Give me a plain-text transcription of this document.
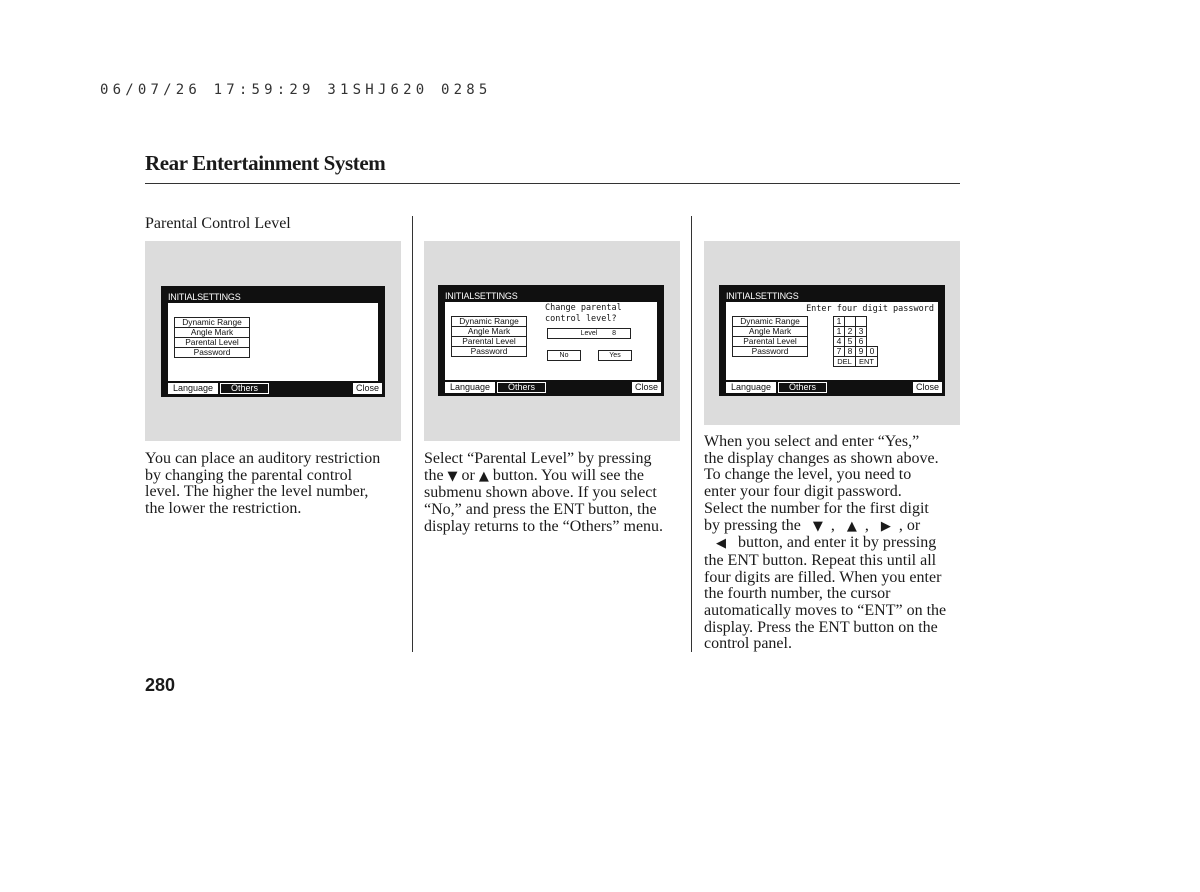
06/07/26 17:59:29 31SHJ620 0285
Rear Entertainment System
Parental Control Level
INITIALSETTINGS
Dynamic Range
Angle Mark
Parental Level
Password
Language	Others	Close
INITIALSETTINGS
Dynamic Range
Angle Mark
Parental Level
Password
Change parental
control level?
Level 8
No	Yes
Language	Others	Close
INITIALSETTINGS
Enter four digit password
Dynamic Range
Angle Mark
Parental Level
Password
1			
1	2	3	
4	5	6	
7	8	9	0
DEL		ENT	
Language	Others	Close
You can place an auditory restriction
by changing the parental control
level. The higher the level number,
the lower the restriction.
Select “Parental Level” by pressing
the ▼ or ▲ button. You will see the
submenu shown above. If you select
“No,” and press the ENT button, the
display returns to the “Others” menu.
When you select and enter “Yes,”
the display changes as shown above.
To change the level, you need to
enter your four digit password.
Select the number for the first digit
by pressing the ▼ , ▲ , ▶ , or
◀ button, and enter it by pressing
the ENT button. Repeat this until all
four digits are filled. When you enter
the fourth number, the cursor
automatically moves to “ENT” on the
display. Press the ENT button on the
control panel.
280
